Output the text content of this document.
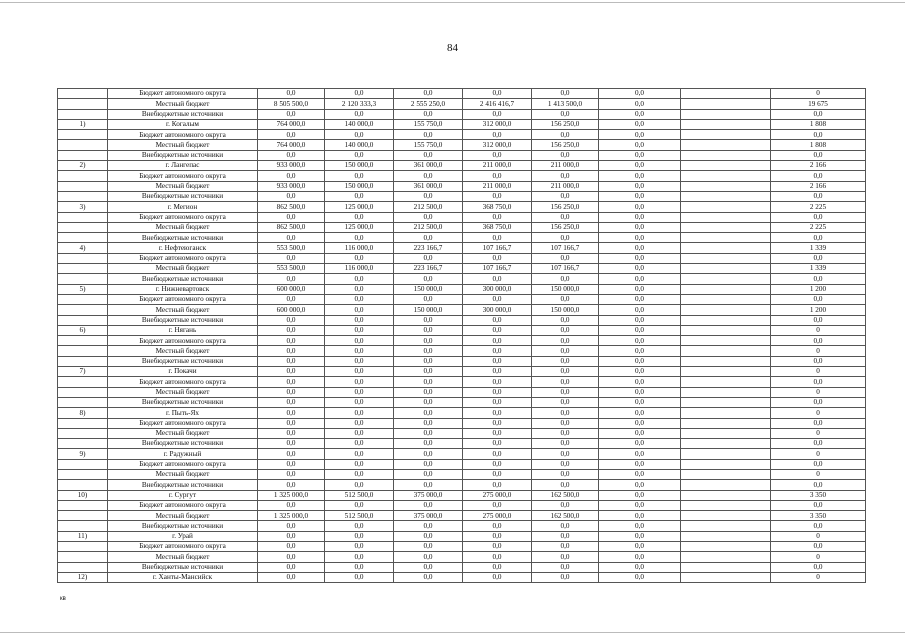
84
	Бюджет автономного округа	0,0	0,0	0,0	0,0	0,0	0,0		0
	Местный бюджет	8 505 500,0	2 120 333,3	2 555 250,0	2 416 416,7	1 413 500,0	0,0		19 675
	Внебюджетные источники	0,0	0,0	0,0	0,0	0,0	0,0		0,0
1)	г. Когалым	764 000,0	140 000,0	155 750,0	312 000,0	156 250,0	0,0		1 808
	Бюджет автономного округа	0,0	0,0	0,0	0,0	0,0	0,0		0,0
	Местный бюджет	764 000,0	140 000,0	155 750,0	312 000,0	156 250,0	0,0		1 808
	Внебюджетные источники	0,0	0,0	0,0	0,0	0,0	0,0		0,0
2)	г. Лангепас	933 000,0	150 000,0	361 000,0	211 000,0	211 000,0	0,0		2 166
	Бюджет автономного округа	0,0	0,0	0,0	0,0	0,0	0,0		0,0
	Местный бюджет	933 000,0	150 000,0	361 000,0	211 000,0	211 000,0	0,0		2 166
	Внебюджетные источники	0,0	0,0	0,0	0,0	0,0	0,0		0,0
3)	г. Мегион	862 500,0	125 000,0	212 500,0	368 750,0	156 250,0	0,0		2 225
	Бюджет автономного округа	0,0	0,0	0,0	0,0	0,0	0,0		0,0
	Местный бюджет	862 500,0	125 000,0	212 500,0	368 750,0	156 250,0	0,0		2 225
	Внебюджетные источники	0,0	0,0	0,0	0,0	0,0	0,0		0,0
4)	г. Нефтеюганск	553 500,0	116 000,0	223 166,7	107 166,7	107 166,7	0,0		1 339
	Бюджет автономного округа	0,0	0,0	0,0	0,0	0,0	0,0		0,0
	Местный бюджет	553 500,0	116 000,0	223 166,7	107 166,7	107 166,7	0,0		1 339
	Внебюджетные источники	0,0	0,0	0,0	0,0	0,0	0,0		0,0
5)	г. Нижневартовск	600 000,0	0,0	150 000,0	300 000,0	150 000,0	0,0		1 200
	Бюджет автономного округа	0,0	0,0	0,0	0,0	0,0	0,0		0,0
	Местный бюджет	600 000,0	0,0	150 000,0	300 000,0	150 000,0	0,0		1 200
	Внебюджетные источники	0,0	0,0	0,0	0,0	0,0	0,0		0,0
6)	г. Нягань	0,0	0,0	0,0	0,0	0,0	0,0		0
	Бюджет автономного округа	0,0	0,0	0,0	0,0	0,0	0,0		0,0
	Местный бюджет	0,0	0,0	0,0	0,0	0,0	0,0		0
	Внебюджетные источники	0,0	0,0	0,0	0,0	0,0	0,0		0,0
7)	г. Покачи	0,0	0,0	0,0	0,0	0,0	0,0		0
	Бюджет автономного округа	0,0	0,0	0,0	0,0	0,0	0,0		0,0
	Местный бюджет	0,0	0,0	0,0	0,0	0,0	0,0		0
	Внебюджетные источники	0,0	0,0	0,0	0,0	0,0	0,0		0,0
8)	г. Пыть-Ях	0,0	0,0	0,0	0,0	0,0	0,0		0
	Бюджет автономного округа	0,0	0,0	0,0	0,0	0,0	0,0		0,0
	Местный бюджет	0,0	0,0	0,0	0,0	0,0	0,0		0
	Внебюджетные источники	0,0	0,0	0,0	0,0	0,0	0,0		0,0
9)	г. Радужный	0,0	0,0	0,0	0,0	0,0	0,0		0
	Бюджет автономного округа	0,0	0,0	0,0	0,0	0,0	0,0		0,0
	Местный бюджет	0,0	0,0	0,0	0,0	0,0	0,0		0
	Внебюджетные источники	0,0	0,0	0,0	0,0	0,0	0,0		0,0
10)	г. Сургут	1 325 000,0	512 500,0	375 000,0	275 000,0	162 500,0	0,0		3 350
	Бюджет автономного округа	0,0	0,0	0,0	0,0	0,0	0,0		0,0
	Местный бюджет	1 325 000,0	512 500,0	375 000,0	275 000,0	162 500,0	0,0		3 350
	Внебюджетные источники	0,0	0,0	0,0	0,0	0,0	0,0		0,0
11)	г. Урай	0,0	0,0	0,0	0,0	0,0	0,0		0
	Бюджет автономного округа	0,0	0,0	0,0	0,0	0,0	0,0		0,0
	Местный бюджет	0,0	0,0	0,0	0,0	0,0	0,0		0
	Внебюджетные источники	0,0	0,0	0,0	0,0	0,0	0,0		0,0
12)	г. Ханты-Мансийск	0,0	0,0	0,0	0,0	0,0	0,0		0
кв
